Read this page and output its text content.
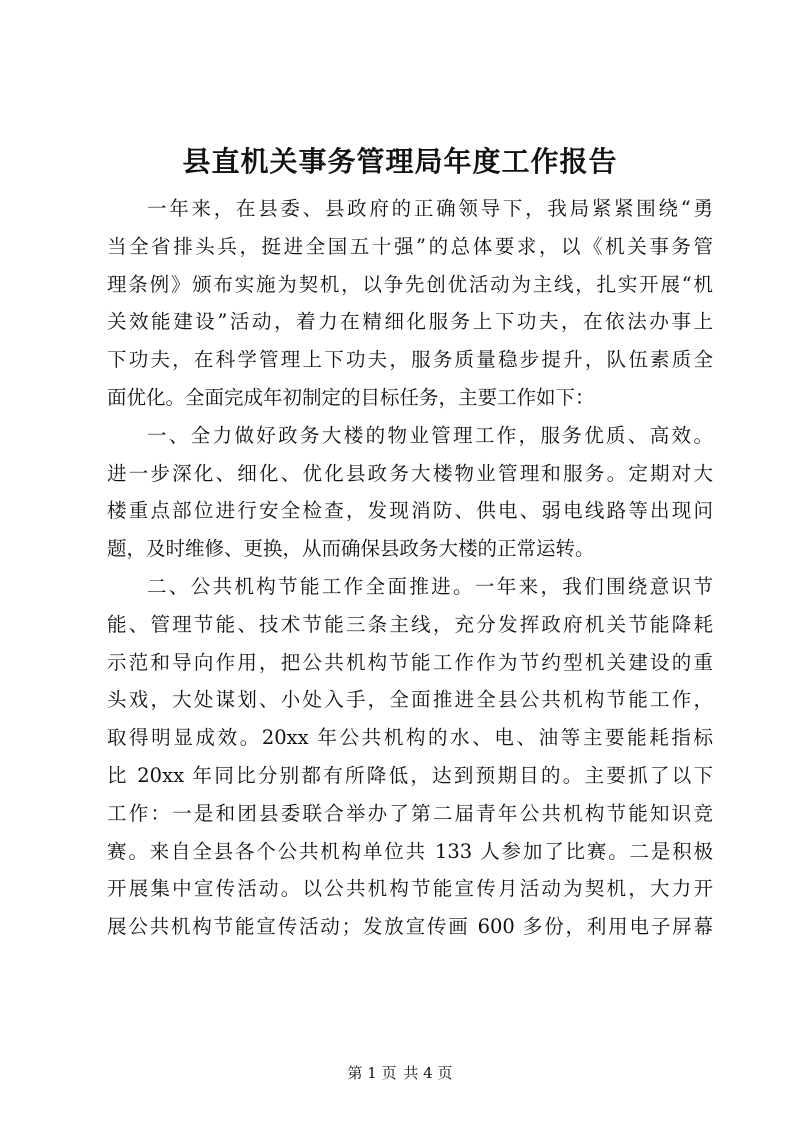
县直机关事务管理局年度工作报告
一年来，在县委、县政府的正确领导下，我局紧紧围绕“勇
当全省排头兵，挺进全国五十强”的总体要求，以《机关事务管
理条例》颁布实施为契机，以争先创优活动为主线，扎实开展“机
关效能建设”活动，着力在精细化服务上下功夫，在依法办事上
下功夫，在科学管理上下功夫，服务质量稳步提升，队伍素质全
面优化。全面完成年初制定的目标任务，主要工作如下：
一、全力做好政务大楼的物业管理工作，服务优质、高效。
进一步深化、细化、优化县政务大楼物业管理和服务。定期对大
楼重点部位进行安全检查，发现消防、供电、弱电线路等出现问
题，及时维修、更换，从而确保县政务大楼的正常运转。
二、公共机构节能工作全面推进。一年来，我们围绕意识节
能、管理节能、技术节能三条主线，充分发挥政府机关节能降耗
示范和导向作用，把公共机构节能工作作为节约型机关建设的重
头戏，大处谋划、小处入手，全面推进全县公共机构节能工作，
取得明显成效。20xx 年公共机构的水、电、油等主要能耗指标
比 20xx 年同比分别都有所降低，达到预期目的。主要抓了以下
工作：一是和团县委联合举办了第二届青年公共机构节能知识竞
赛。来自全县各个公共机构单位共 133 人参加了比赛。二是积极
开展集中宣传活动。以公共机构节能宣传月活动为契机，大力开
展公共机构节能宣传活动；发放宣传画 600 多份，利用电子屏幕
第 1 页 共 4 页
